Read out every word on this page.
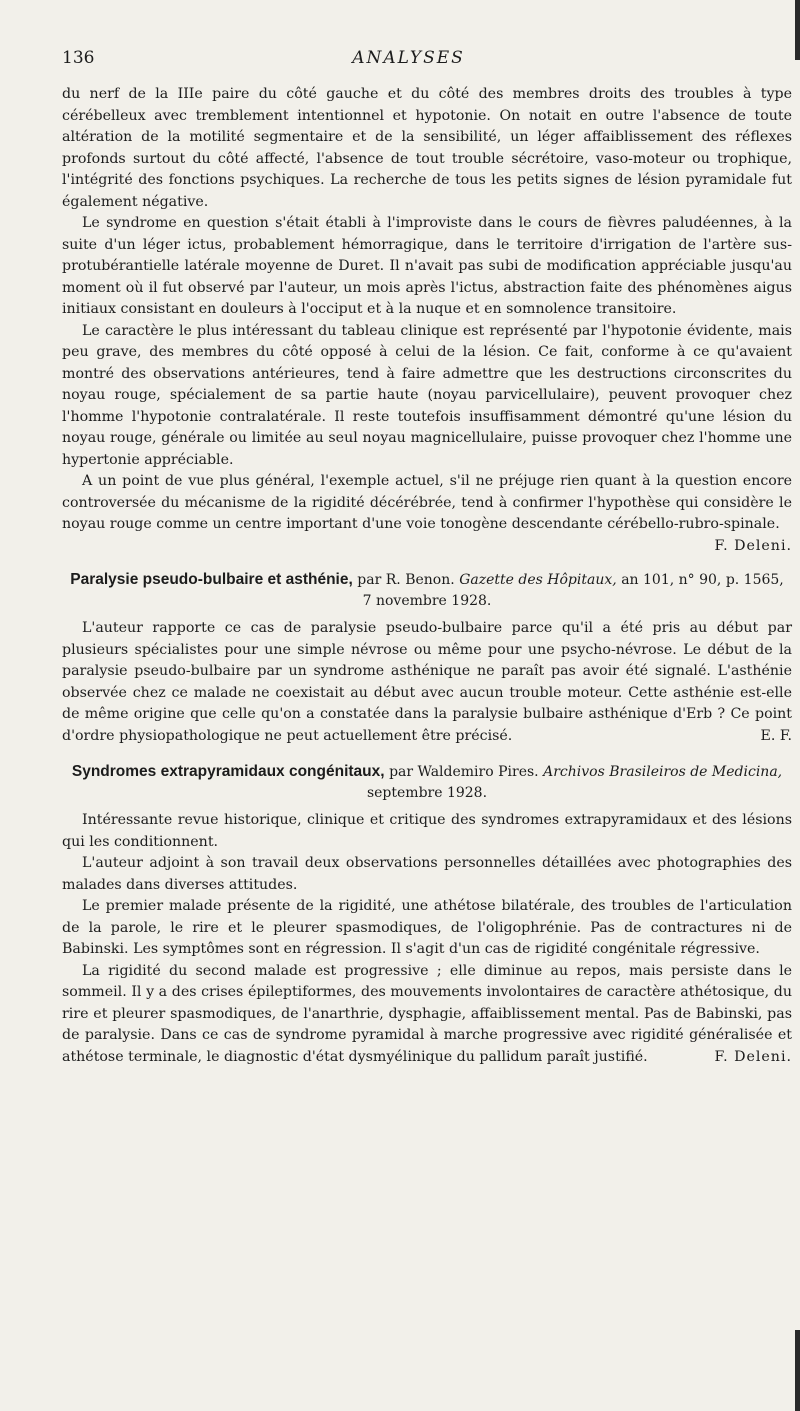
136	ANALYSES

du nerf de la IIIe paire du côté gauche et du côté des membres droits des troubles à type cérébelleux avec tremblement intentionnel et hypotonie. On notait en outre l'absence de toute altération de la motilité segmentaire et de la sensibilité, un léger affaiblissement des réflexes profonds surtout du côté affecté, l'absence de tout trouble sécrétoire, vaso-moteur ou trophique, l'intégrité des fonctions psychiques. La recherche de tous les petits signes de lésion pyramidale fut également négative.

Le syndrome en question s'était établi à l'improviste dans le cours de fièvres paludéennes, à la suite d'un léger ictus, probablement hémorragique, dans le territoire d'irrigation de l'artère sus-protubérantielle latérale moyenne de Duret. Il n'avait pas subi de modification appréciable jusqu'au moment où il fut observé par l'auteur, un mois après l'ictus, abstraction faite des phénomènes aigus initiaux consistant en douleurs à l'occiput et à la nuque et en somnolence transitoire.

Le caractère le plus intéressant du tableau clinique est représenté par l'hypotonie évidente, mais peu grave, des membres du côté opposé à celui de la lésion. Ce fait, conforme à ce qu'avaient montré des observations antérieures, tend à faire admettre que les destructions circonscrites du noyau rouge, spécialement de sa partie haute (noyau parvicellulaire), peuvent provoquer chez l'homme l'hypotonie contralatérale. Il reste toutefois insuffisamment démontré qu'une lésion du noyau rouge, générale ou limitée au seul noyau magnicellulaire, puisse provoquer chez l'homme une hypertonie appréciable.

A un point de vue plus général, l'exemple actuel, s'il ne préjuge rien quant à la question encore controversée du mécanisme de la rigidité décérébrée, tend à confirmer l'hypothèse qui considère le noyau rouge comme un centre important d'une voie tonogène descendante cérébello-rubro-spinale.
F. Deleni.

Paralysie pseudo-bulbaire et asthénie, par R. Benon. Gazette des Hôpitaux, an 101, n° 90, p. 1565, 7 novembre 1928.

L'auteur rapporte ce cas de paralysie pseudo-bulbaire parce qu'il a été pris au début par plusieurs spécialistes pour une simple névrose ou même pour une psycho-névrose. Le début de la paralysie pseudo-bulbaire par un syndrome asthénique ne paraît pas avoir été signalé. L'asthénie observée chez ce malade ne coexistait au début avec aucun trouble moteur. Cette asthénie est-elle de même origine que celle qu'on a constatée dans la paralysie bulbaire asthénique d'Erb ? Ce point d'ordre physiopathologique ne peut actuellement être précisé.	E. F.

Syndromes extrapyramidaux congénitaux, par Waldemiro Pires. Archivos Brasileiros de Medicina, septembre 1928.

Intéressante revue historique, clinique et critique des syndromes extrapyramidaux et des lésions qui les conditionnent.

L'auteur adjoint à son travail deux observations personnelles détaillées avec photographies des malades dans diverses attitudes.

Le premier malade présente de la rigidité, une athétose bilatérale, des troubles de l'articulation de la parole, le rire et le pleurer spasmodiques, de l'oligophrénie. Pas de contractures ni de Babinski. Les symptômes sont en régression. Il s'agit d'un cas de rigidité congénitale régressive.

La rigidité du second malade est progressive ; elle diminue au repos, mais persiste dans le sommeil. Il y a des crises épileptiformes, des mouvements involontaires de caractère athétosique, du rire et pleurer spasmodiques, de l'anarthrie, dysphagie, affaiblissement mental. Pas de Babinski, pas de paralysie. Dans ce cas de syndrome pyramidal à marche progressive avec rigidité généralisée et athétose terminale, le diagnostic d'état dysmyélinique du pallidum paraît justifié.	F. Deleni.
